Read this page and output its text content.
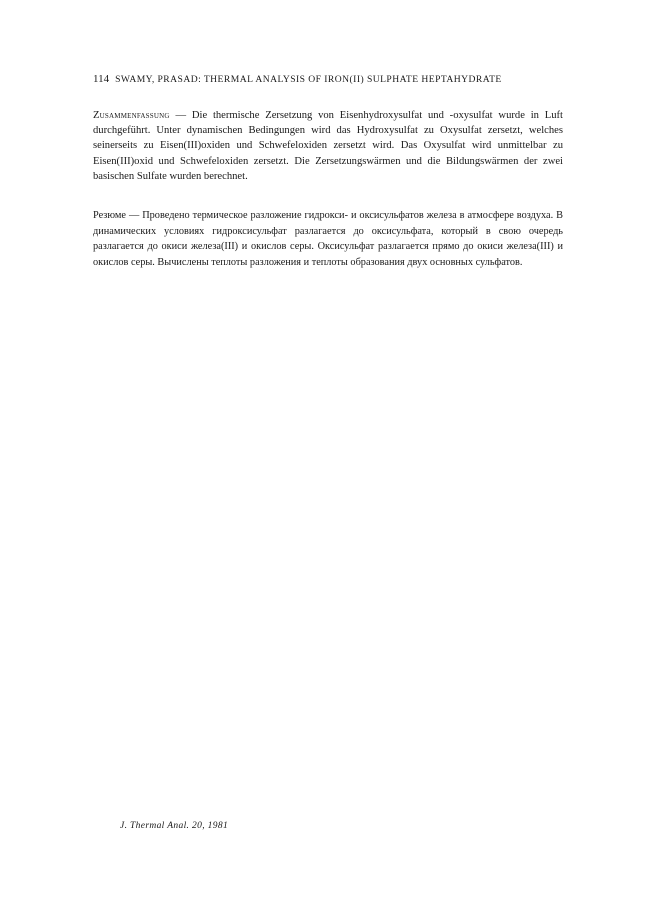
114 SWAMY, PRASAD: THERMAL ANALYSIS OF IRON(II) SULPHATE HEPTAHYDRATE
Zusammenfassung — Die thermische Zersetzung von Eisenhydroxysulfat und -oxysulfat wurde in Luft durchgeführt. Unter dynamischen Bedingungen wird das Hydroxysulfat zu Oxysulfat zersetzt, welches seinerseits zu Eisen(III)oxiden und Schwefeloxiden zersetzt wird. Das Oxysulfat wird unmittelbar zu Eisen(III)oxid und Schwefeloxiden zersetzt. Die Zersetzungswärmen und die Bildungswärmen der zwei basischen Sulfate wurden berechnet.
Резюме — Проведено термическое разложение гидрокси- и оксисульфатов железа в атмосфере воздуха. В динамических условиях гидроксисульфат разлагается до оксисульфата, который в свою очередь разлагается до окиси железа(III) и окислов серы. Оксисульфат разлагается прямо до окиси железа(III) и окислов серы. Вычислены теплоты разложения и теплоты образования двух основных сульфатов.
J. Thermal Anal. 20, 1981
